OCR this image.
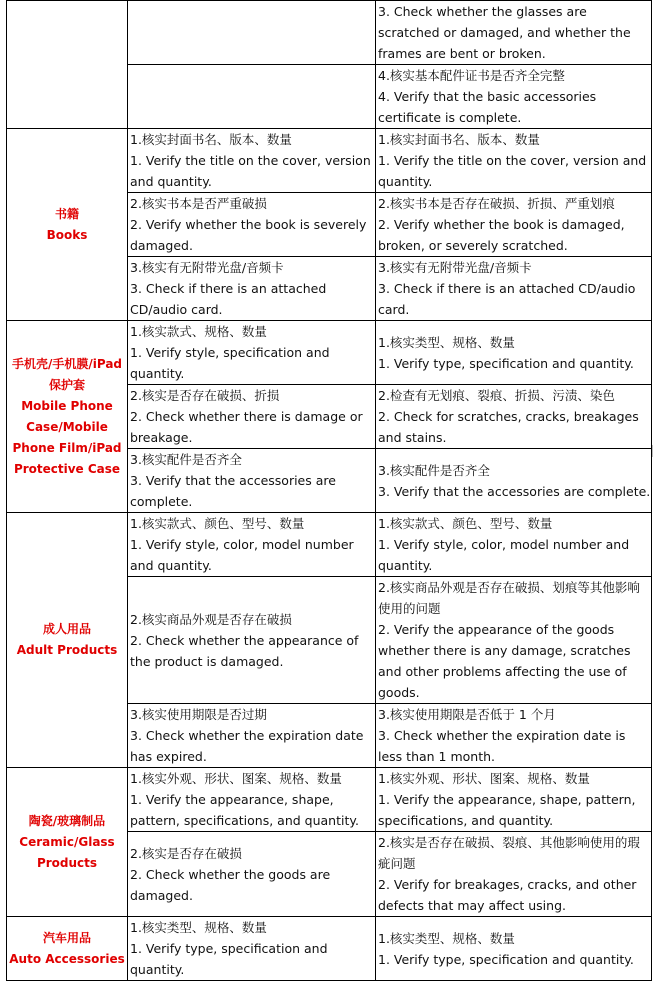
		3. Check whether the glasses are scratched or damaged, and whether the frames are bent or broken.

		4.核实基本配件证书是否齐全完整
4. Verify that the basic accessories certificate is complete.

书籍
Books	1.核实封面书名、版本、数量
1. Verify the title on the cover, version and quantity.	1.核实封面书名、版本、数量
1. Verify the title on the cover, version and quantity.

	2.核实书本是否严重破损
2. Verify whether the book is severely damaged.	2.核实书本是否存在破损、折损、严重划痕
2. Verify whether the book is damaged, broken, or severely scratched.

	3.核实有无附带光盘/音频卡
3. Check if there is an attached CD/audio card.	3.核实有无附带光盘/音频卡
3. Check if there is an attached CD/audio card.

手机壳/手机膜/iPad保护套
Mobile Phone Case/Mobile Phone Film/iPad Protective Case	1.核实款式、规格、数量
1. Verify style, specification and quantity.	1.核实类型、规格、数量
1. Verify type, specification and quantity.

	2.核实是否存在破损、折损
2. Check whether there is damage or breakage.	2.检查有无划痕、裂痕、折损、污渍、染色
2. Check for scratches, cracks, breakages and stains.

	3.核实配件是否齐全
3. Verify that the accessories are complete.	3.核实配件是否齐全
3. Verify that the accessories are complete.

成人用品
Adult Products	1.核实款式、颜色、型号、数量
1. Verify style, color, model number and quantity.	1.核实款式、颜色、型号、数量
1. Verify style, color, model number and quantity.

	2.核实商品外观是否存在破损
2. Check whether the appearance of the product is damaged.	2.核实商品外观是否存在破损、划痕等其他影响使用的问题
2. Verify the appearance of the goods whether there is any damage, scratches and other problems affecting the use of goods.

	3.核实使用期限是否过期
3. Check whether the expiration date has expired.	3.核实使用期限是否低于 1 个月
3. Check whether the expiration date is less than 1 month.

陶瓷/玻璃制品
Ceramic/Glass Products	1.核实外观、形状、图案、规格、数量
1. Verify the appearance, shape, pattern, specifications, and quantity.	1.核实外观、形状、图案、规格、数量
1. Verify the appearance, shape, pattern, specifications, and quantity.

	2.核实是否存在破损
2. Check whether the goods are damaged.	2.核实是否存在破损、裂痕、其他影响使用的瑕疵问题
2. Verify for breakages, cracks, and other defects that may affect using.

汽车用品
Auto Accessories	1.核实类型、规格、数量
1. Verify type, specification and quantity.	1.核实类型、规格、数量
1. Verify type, specification and quantity.
